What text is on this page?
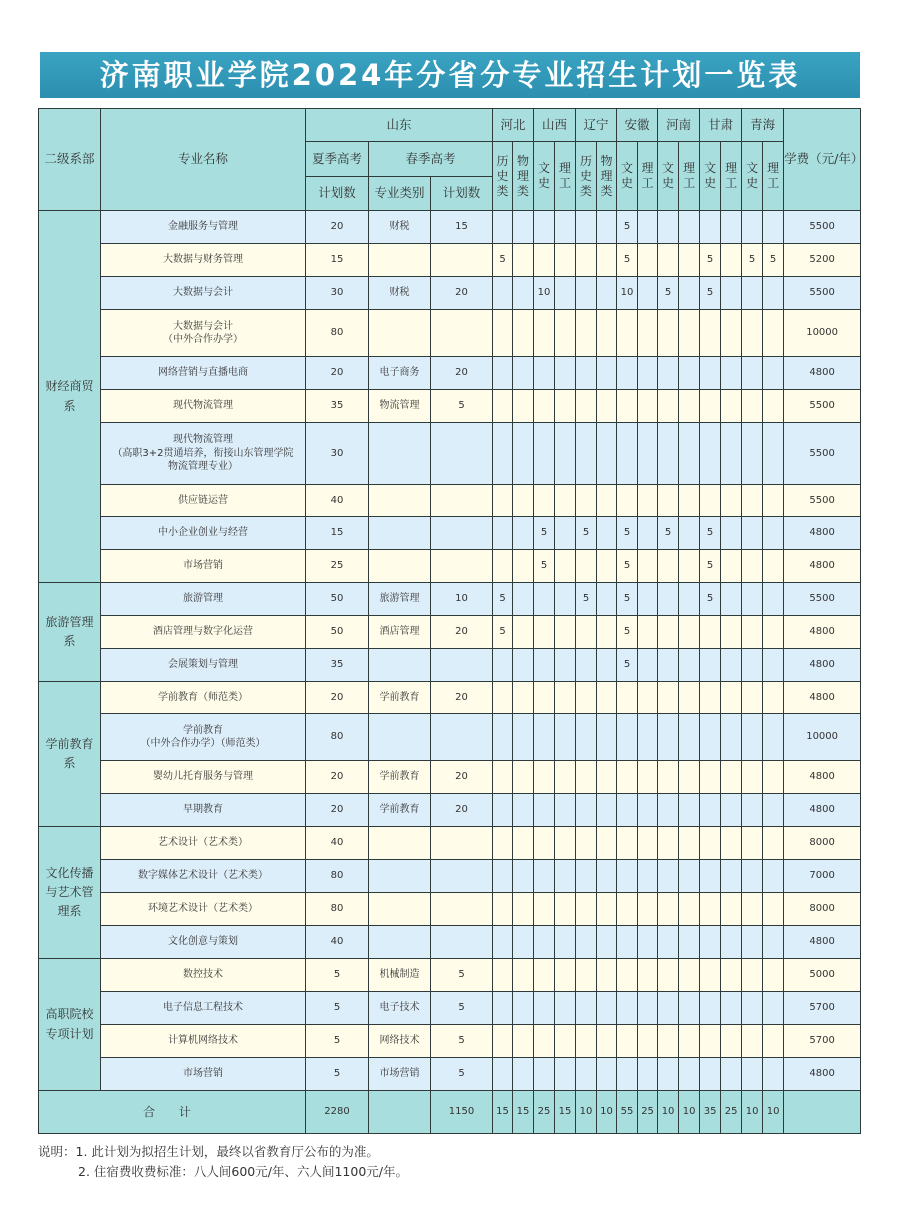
济南职业学院2024年分省分专业招生计划一览表
二级系部	专业名称	山东			河北		山西		辽宁		安徽		河南		甘肃		青海		学费（元/年）
		夏季高考	春季高考		历史类	物理类	文史	理工	历史类	物理类	文史	理工	文史	理工	文史	理工	文史	理工	
		计划数	专业类别	计划数															
财经商贸系	金融服务与管理	20	财税	15							5								5500
	大数据与财务管理	15			5						5				5		5	5	5200
	大数据与会计	30	财税	20			10				10		5		5				5500
	大数据与会计
（中外合作办学）	80																	10000
	网络营销与直播电商	20	电子商务	20															4800
	现代物流管理	35	物流管理	5															5500
	现代物流管理
（高职3+2贯通培养，衔接山东管理学院
物流管理专业）	30																	5500
	供应链运营	40																	5500
	中小企业创业与经营	15					5		5		5		5		5				4800
	市场营销	25					5				5				5				4800
旅游管理系	旅游管理	50	旅游管理	10	5				5		5				5				5500
	酒店管理与数字化运营	50	酒店管理	20	5						5								4800
	会展策划与管理	35									5								4800
学前教育系	学前教育（师范类）	20	学前教育	20															4800
	学前教育
（中外合作办学）（师范类）	80																	10000
	婴幼儿托育服务与管理	20	学前教育	20															4800
	早期教育	20	学前教育	20															4800
文化传播与艺术管理系	艺术设计（艺术类）	40																	8000
	数字媒体艺术设计（艺术类）	80																	7000
	环境艺术设计（艺术类）	80																	8000
	文化创意与策划	40																	4800
高职院校专项计划	数控技术	5	机械制造	5															5000
	电子信息工程技术	5	电子技术	5															5700
	计算机网络技术	5	网络技术	5															5700
	市场营销	5	市场营销	5															4800
合 计		2280		1150	15	15	25	15	10	10	55	25	10	10	35	25	10	10	
说明：1. 此计划为拟招生计划，最终以省教育厅公布的为准。
2. 住宿费收费标准：八人间600元/年、六人间1100元/年。
